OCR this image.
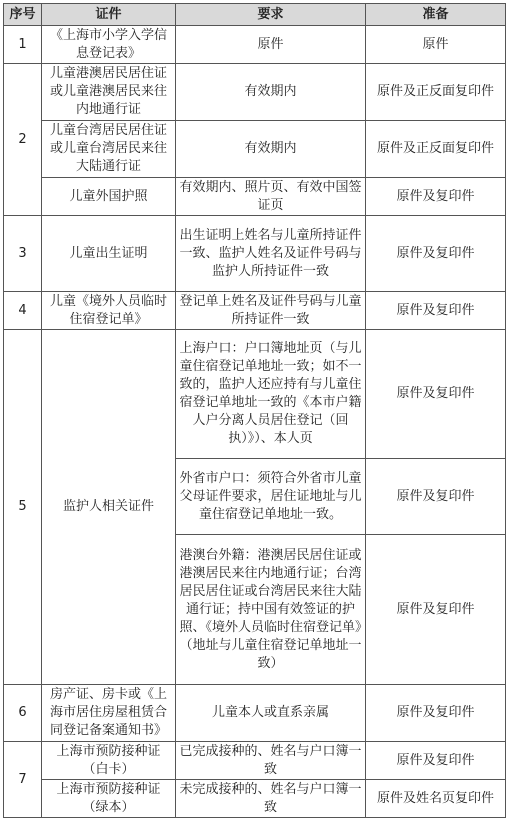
序号	证件	要求	准备
1	《上海市小学入学信息登记表》	原件	原件
2	儿童港澳居民居住证或儿童港澳居民来往内地通行证	有效期内	原件及正反面复印件
	儿童台湾居民居住证或儿童台湾居民来往大陆通行证	有效期内	原件及正反面复印件
	儿童外国护照	有效期内、照片页、有效中国签证页	原件及复印件
3	儿童出生证明	出生证明上姓名与儿童所持证件一致、监护人姓名及证件号码与监护人所持证件一致	原件及复印件
4	儿童《境外人员临时住宿登记单》	登记单上姓名及证件号码与儿童所持证件一致	原件及复印件
5	监护人相关证件	上海户口：户口簿地址页（与儿童住宿登记单地址一致；如不一致的，监护人还应持有与儿童住宿登记单地址一致的《本市户籍人户分离人员居住登记（回执）》）、本人页	原件及复印件
		外省市户口：须符合外省市儿童父母证件要求，居住证地址与儿童住宿登记单地址一致。	原件及复印件
		港澳台外籍：港澳居民居住证或港澳居民来往内地通行证；台湾居民居住证或台湾居民来往大陆通行证；持中国有效签证的护照、《境外人员临时住宿登记单》（地址与儿童住宿登记单地址一致）	原件及复印件
6	房产证、房卡或《上海市居住房屋租赁合同登记备案通知书》	儿童本人或直系亲属	原件及复印件
7	上海市预防接种证（白卡）	已完成接种的、姓名与户口簿一致	原件及复印件
	上海市预防接种证（绿本）	未完成接种的、姓名与户口簿一致	原件及姓名页复印件
